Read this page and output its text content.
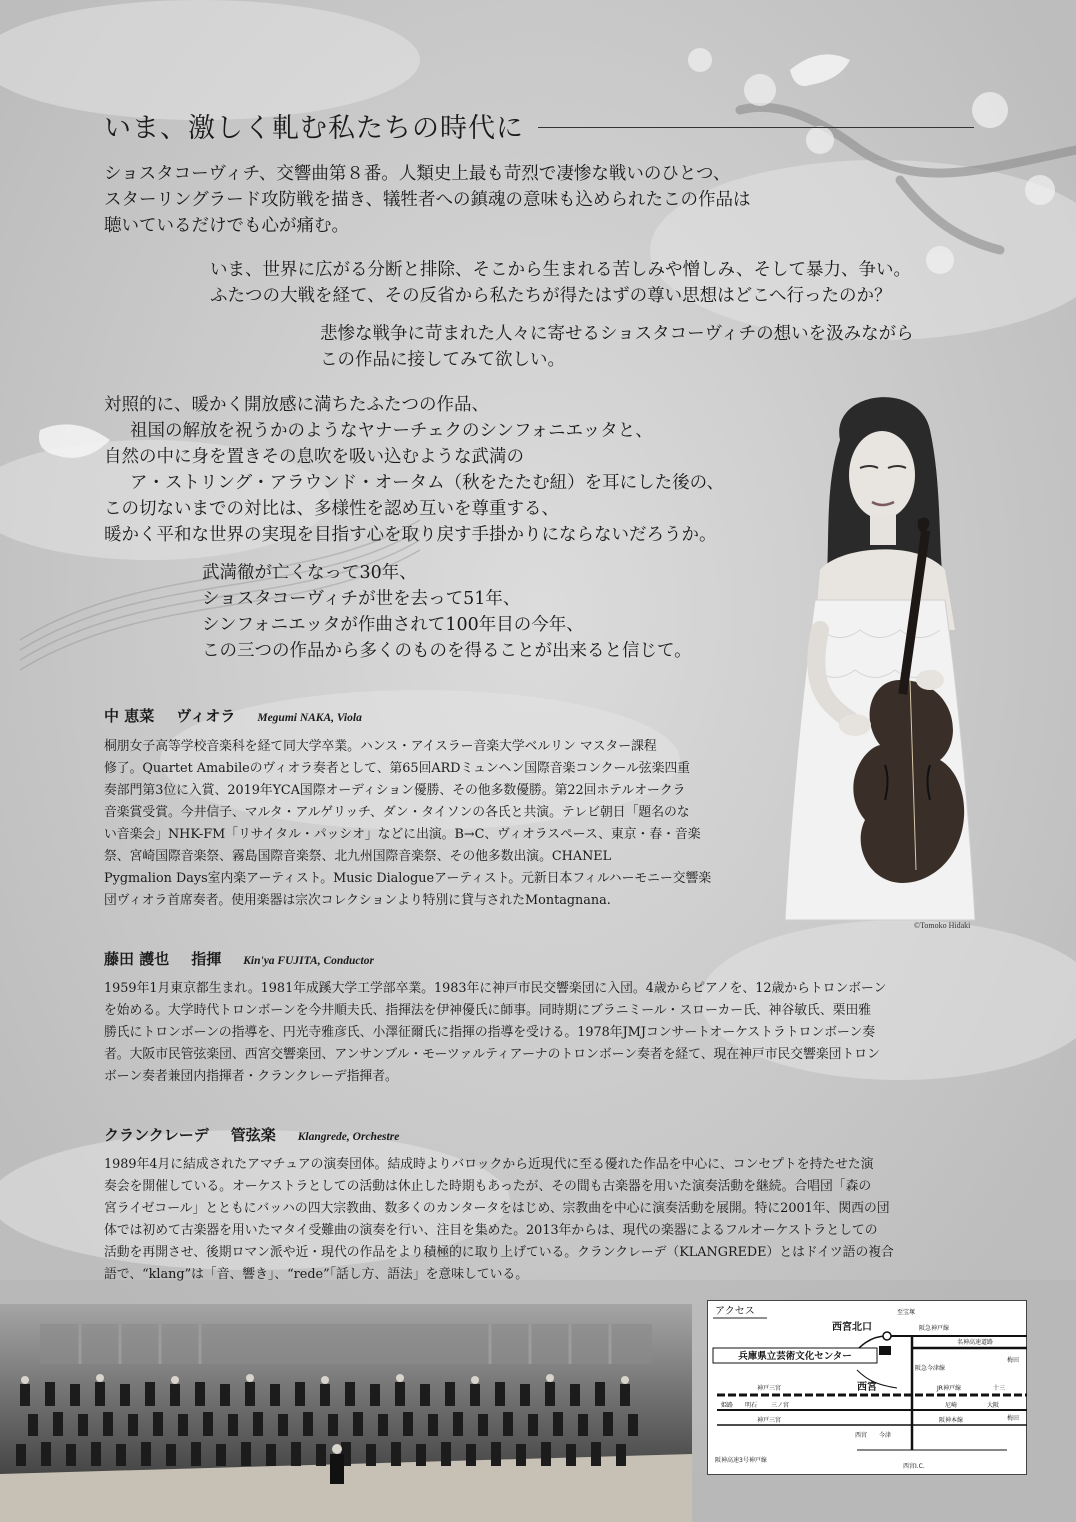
いま、激しく軋む私たちの時代に

ショスタコーヴィチ、交響曲第８番。人類史上最も苛烈で凄惨な戦いのひとつ、

スターリングラード攻防戦を描き、犠牲者への鎮魂の意味も込められたこの作品は

聴いているだけでも心が痛む。

いま、世界に広がる分断と排除、そこから生まれる苦しみや憎しみ、そして暴力、争い。

ふたつの大戦を経て、その反省から私たちが得たはずの尊い思想はどこへ行ったのか？

悲惨な戦争に苛まれた人々に寄せるショスタコーヴィチの想いを汲みながら

この作品に接してみて欲しい。

対照的に、暖かく開放感に満ちたふたつの作品、

祖国の解放を祝うかのようなヤナーチェクのシンフォニエッタと、

自然の中に身を置きその息吹を吸い込むような武満の

ア・ストリング・アラウンド・オータム（秋をたたむ紐）を耳にした後の、

この切ないまでの対比は、多様性を認め互いを尊重する、

暖かく平和な世界の実現を目指す心を取り戻す手掛かりにならないだろうか。

武満徹が亡くなって30年、

ショスタコーヴィチが世を去って51年、

シンフォニエッタが作曲されて100年目の今年、

この三つの作品から多くのものを得ることが出来ると信じて。

©Tomoko Hidaki
中 恵菜 ヴィオラ Megumi NAKA, Viola

桐朋女子高等学校音楽科を経て同大学卒業。ハンス・アイスラー音楽大学ベルリン マスター課程

修了。Quartet Amabileのヴィオラ奏者として、第65回ARDミュンヘン国際音楽コンクール弦楽四重

奏部門第3位に入賞、2019年YCA国際オーディション優勝、その他多数優勝。第22回ホテルオークラ

音楽賞受賞。今井信子、マルタ・アルゲリッチ、ダン・タイソンの各氏と共演。テレビ朝日「題名のな

い音楽会」NHK-FM「リサイタル・パッシオ」などに出演。B→C、ヴィオラスペース、東京・春・音楽

祭、宮崎国際音楽祭、霧島国際音楽祭、北九州国際音楽祭、その他多数出演。CHANEL

Pygmalion Days室内楽アーティスト。Music Dialogueアーティスト。元新日本フィルハーモニー交響楽

団ヴィオラ首席奏者。使用楽器は宗次コレクションより特別に貸与されたMontagnana.

藤田 護也 指揮 Kin'ya FUJITA, Conductor

1959年1月東京都生まれ。1981年成蹊大学工学部卒業。1983年に神戸市民交響楽団に入団。4歳からピアノを、12歳からトロンボーン

を始める。大学時代トロンボーンを今井順夫氏、指揮法を伊神優氏に師事。同時期にブラニミール・スローカー氏、神谷敏氏、栗田雅

勝氏にトロンボーンの指導を、円光寺雅彦氏、小澤征爾氏に指揮の指導を受ける。1978年JMJコンサートオーケストラトロンボーン奏

者。大阪市民管弦楽団、西宮交響楽団、アンサンブル・モーツァルティアーナのトロンボーン奏者を経て、現在神戸市民交響楽団トロン

ボーン奏者兼団内指揮者・クランクレーデ指揮者。

クランクレーデ 管弦楽 Klangrede, Orchestre

1989年4月に結成されたアマチュアの演奏団体。結成時よりバロックから近現代に至る優れた作品を中心に、コンセプトを持たせた演

奏会を開催している。オーケストラとしての活動は休止した時期もあったが、その間も古楽器を用いた演奏活動を継続。合唱団「森の

宮ライゼコール」とともにバッハの四大宗教曲、数多くのカンタータをはじめ、宗教曲を中心に演奏活動を展開。特に2001年、関西の団

体では初めて古楽器を用いたマタイ受難曲の演奏を行い、注目を集めた。2013年からは、現代の楽器によるフルオーケストラとしての

活動を再開させ、後期ロマン派や近・現代の作品をより積極的に取り上げている。クランクレーデ（KLANGREDE）とはドイツ語の複合

語で、“klang”は「音、響き」、“rede”「話し方、語法」を意味している。

アクセス
兵庫県立芸術文化センター
西宮北口
至宝塚
阪急神戸線
名神高速道路
阪急今津線
梅田
神戸三宮	西宮	JR神戸線	十三
姫路 明石 三ノ宮	尼崎	大阪
梅田
神戸三宮	阪神本線
西宮 今津
阪神高速3号神戸線
西宮I.C.
